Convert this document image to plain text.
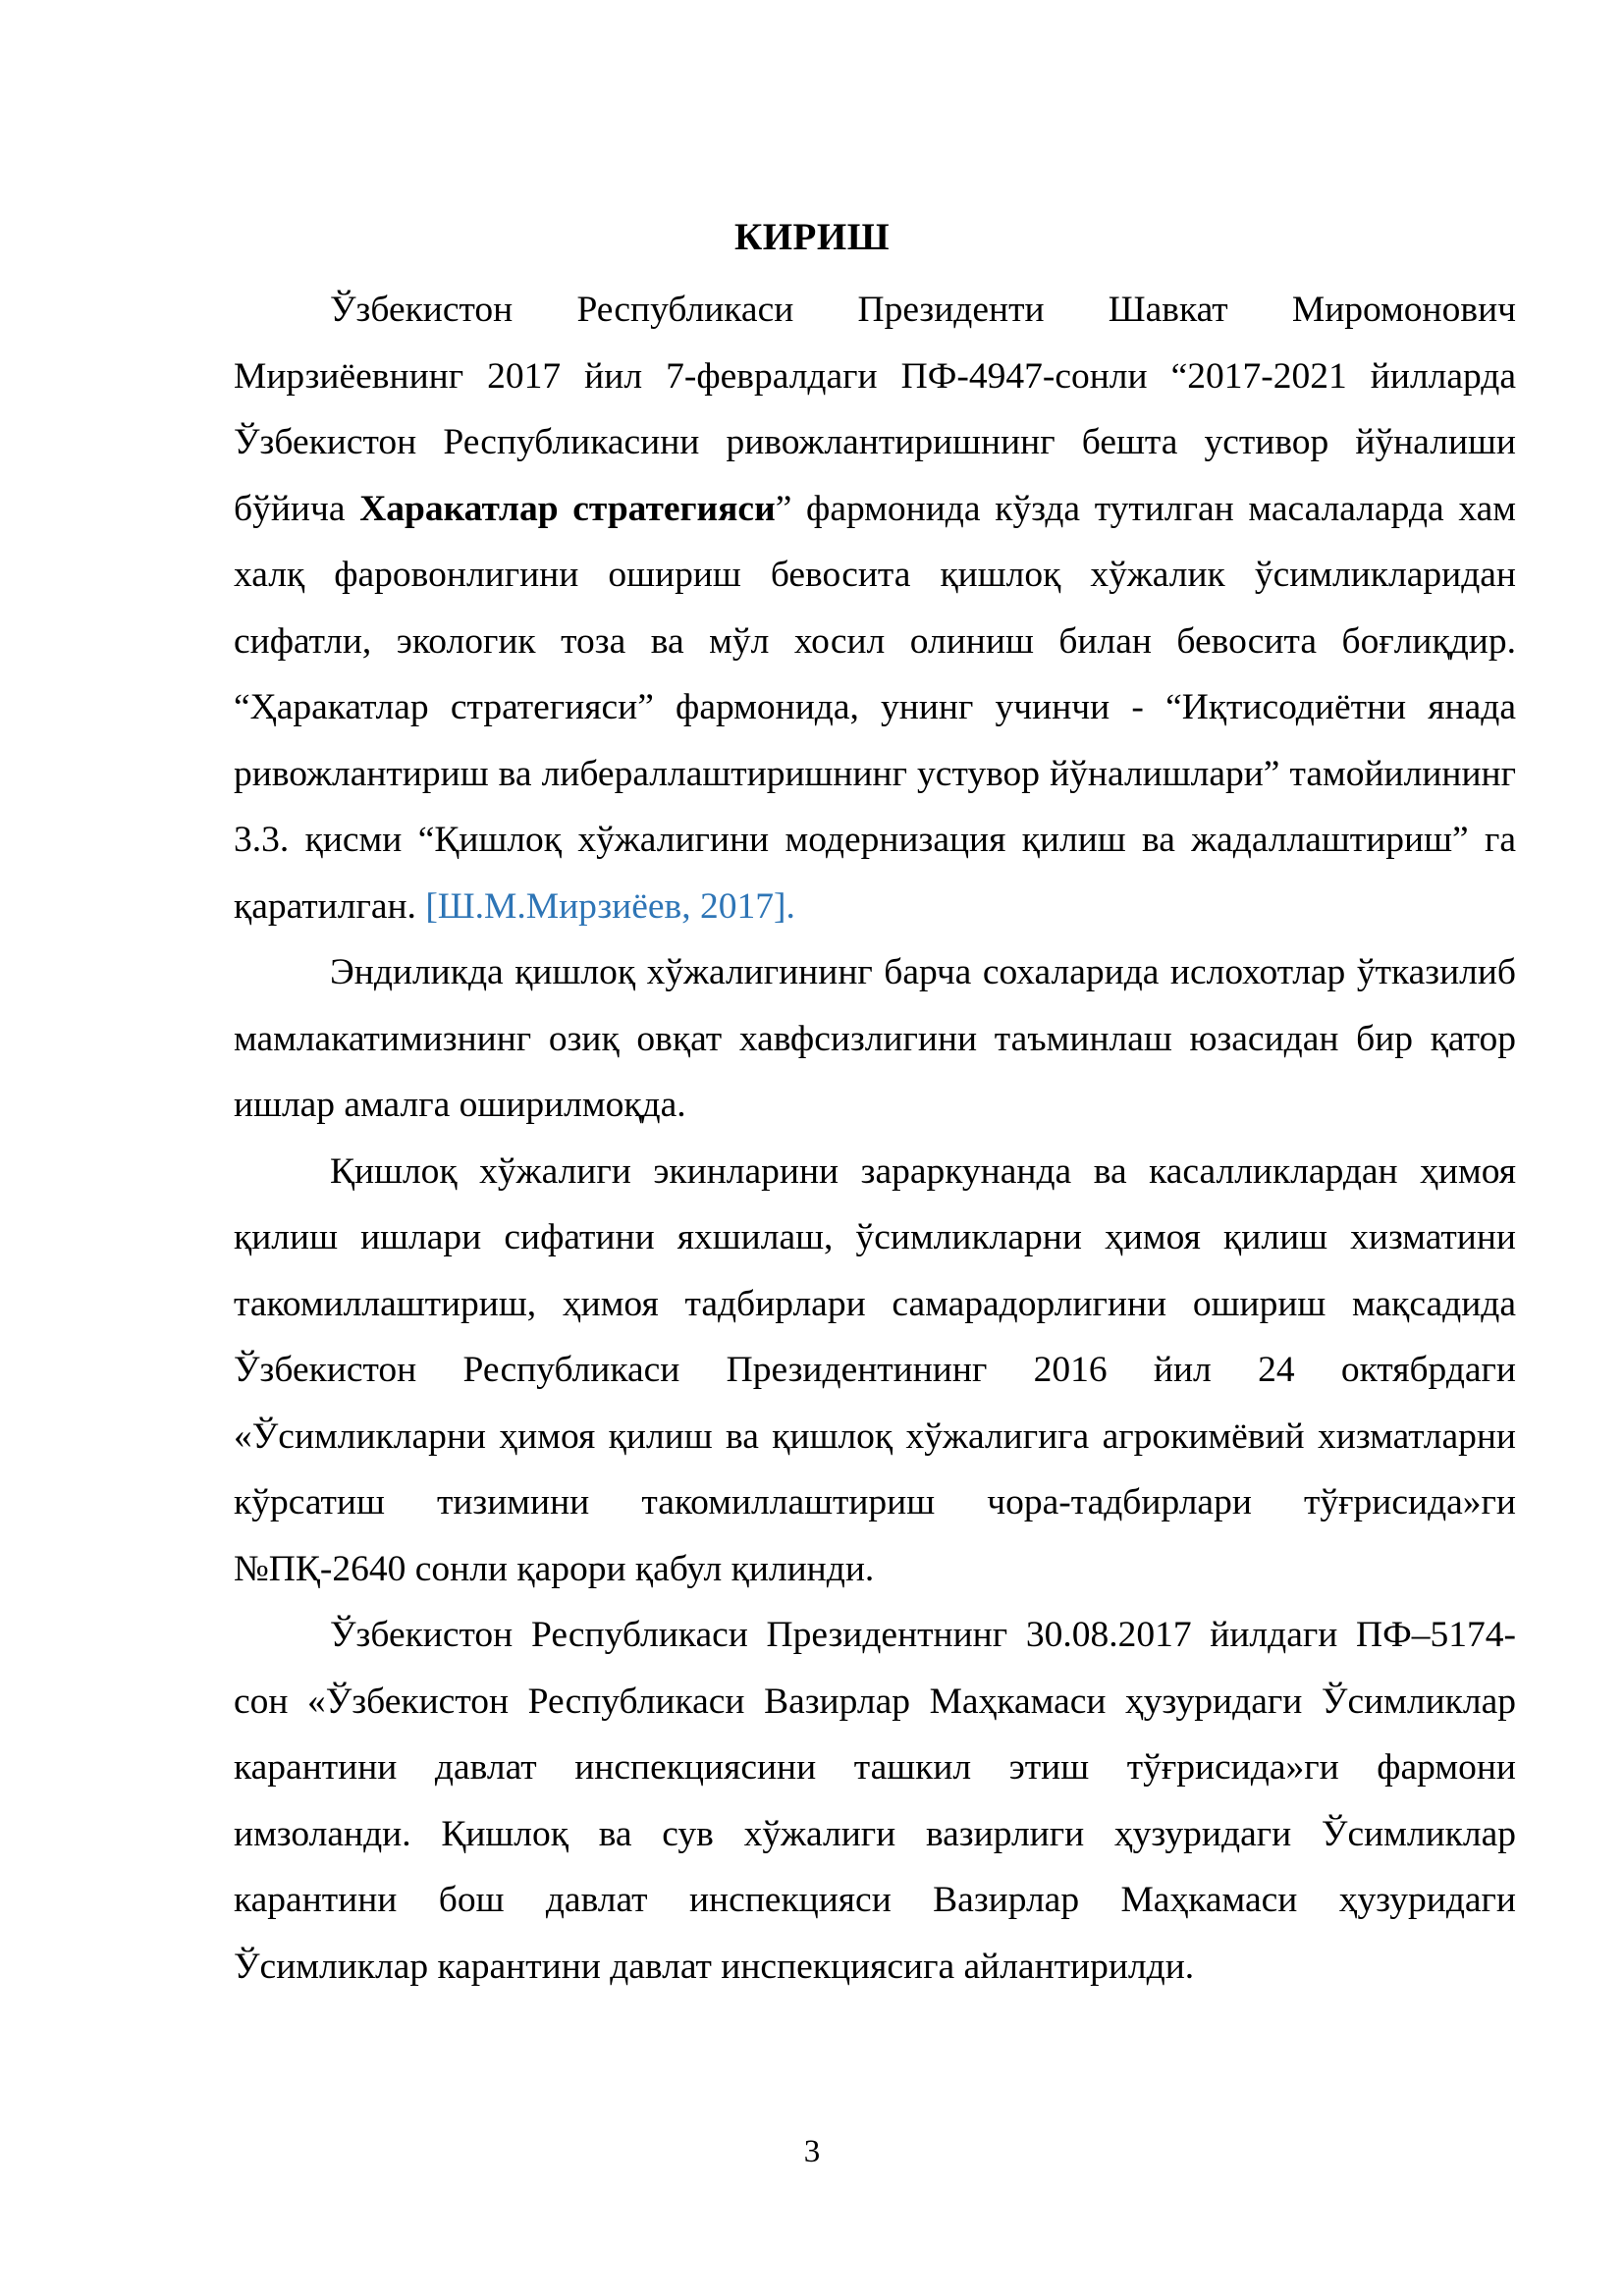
КИРИШ

Ўзбекистон Республикаси Президенти Шавкат Миромонович Мирзиёевнинг 2017 йил 7-февралдаги ПФ-4947-сонли “2017-2021 йилларда Ўзбекистон Республикасини ривожлантиришнинг бешта устивор йўналиши бўйича Харакатлар стратегияси” фармонида кўзда тутилган масалаларда хам халқ фаровонлигини ошириш бевосита қишлоқ хўжалик ўсимликларидан сифатли, экологик тоза ва мўл хосил олиниш билан бевосита боғлиқдир. “Ҳаракатлар стратегияси” фармонида, унинг учинчи - “Иқтисодиётни янада ривожлантириш ва либераллаштиришнинг устувор йўналишлари” тамойилининг 3.3. қисми “Қишлоқ хўжалигини модернизация қилиш ва жадаллаштириш” га қаратилган. [Ш.М.Мирзиёев, 2017].

Эндиликда қишлоқ хўжалигининг барча сохаларида ислохотлар ўтказилиб мамлакатимизнинг озиқ овқат хавфсизлигини таъминлаш юзасидан бир қатор ишлар амалга оширилмоқда.

Қишлоқ хўжалиги экинларини зараркунанда ва касалликлардан ҳимоя қилиш ишлари сифатини яхшилаш, ўсимликларни ҳимоя қилиш хизматини такомиллаштириш, ҳимоя тадбирлари самарадорлигини ошириш мақсадида Ўзбекистон Республикаси Президентининг 2016 йил 24 октябрдаги «Ўсимликларни ҳимоя қилиш ва қишлоқ хўжалигига агрокимёвий хизматларни кўрсатиш тизимини такомиллаштириш чора-тадбирлари тўғрисида»ги №ПҚ-2640 сонли қарори қабул қилинди.

Ўзбекистон Республикаси Президентнинг 30.08.2017 йилдаги ПФ–5174-сон «Ўзбекистон Республикаси Вазирлар Маҳкамаси ҳузуридаги Ўсимликлар карантини давлат инспекциясини ташкил этиш тўғрисида»ги фармони имзоланди. Қишлоқ ва сув хўжалиги вазирлиги ҳузуридаги Ўсимликлар карантини бош давлат инспекцияси Вазирлар Маҳкамаси ҳузуридаги Ўсимликлар карантини давлат инспекциясига айлантирилди.

3
